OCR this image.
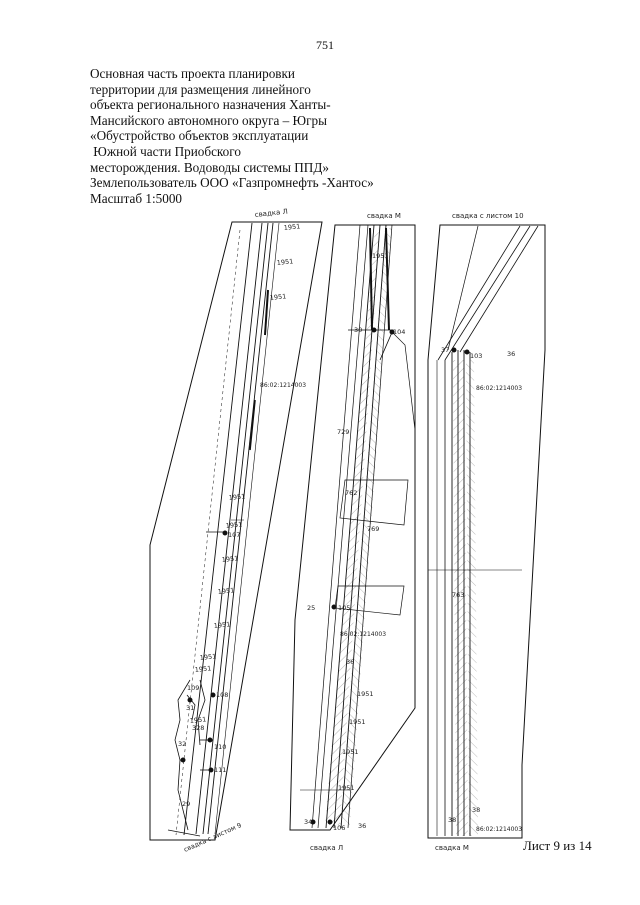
751
Основная часть проекта планировки
территории для размещения линейного
объекта регионального назначения Ханты-
Мансийского автономного округа – Югры
«Обустройство объектов эксплуатации
Южной части Приобского
месторождения. Водоводы системы ППД»
Землепользователь ООО «Газпромнефть -Хантос»
Масштаб 1:5000
свадка Л
86:02:1214003
свадка с листом 9
1951
1951
1951
1951
1951
1951
1951
1951
1951
1951
1951
107
108
109
110
111
29
31
32
328
свадка М
86:02:1214003
свадка Л
104
105
106
25
30
34
36
36
729
769
762
1951
1951
1951
1951
1951
свадка с листом 10
86:02:1214003
86:02:1214003
свадка М
37
103	36
763
38
38
Лист 9 из 14
